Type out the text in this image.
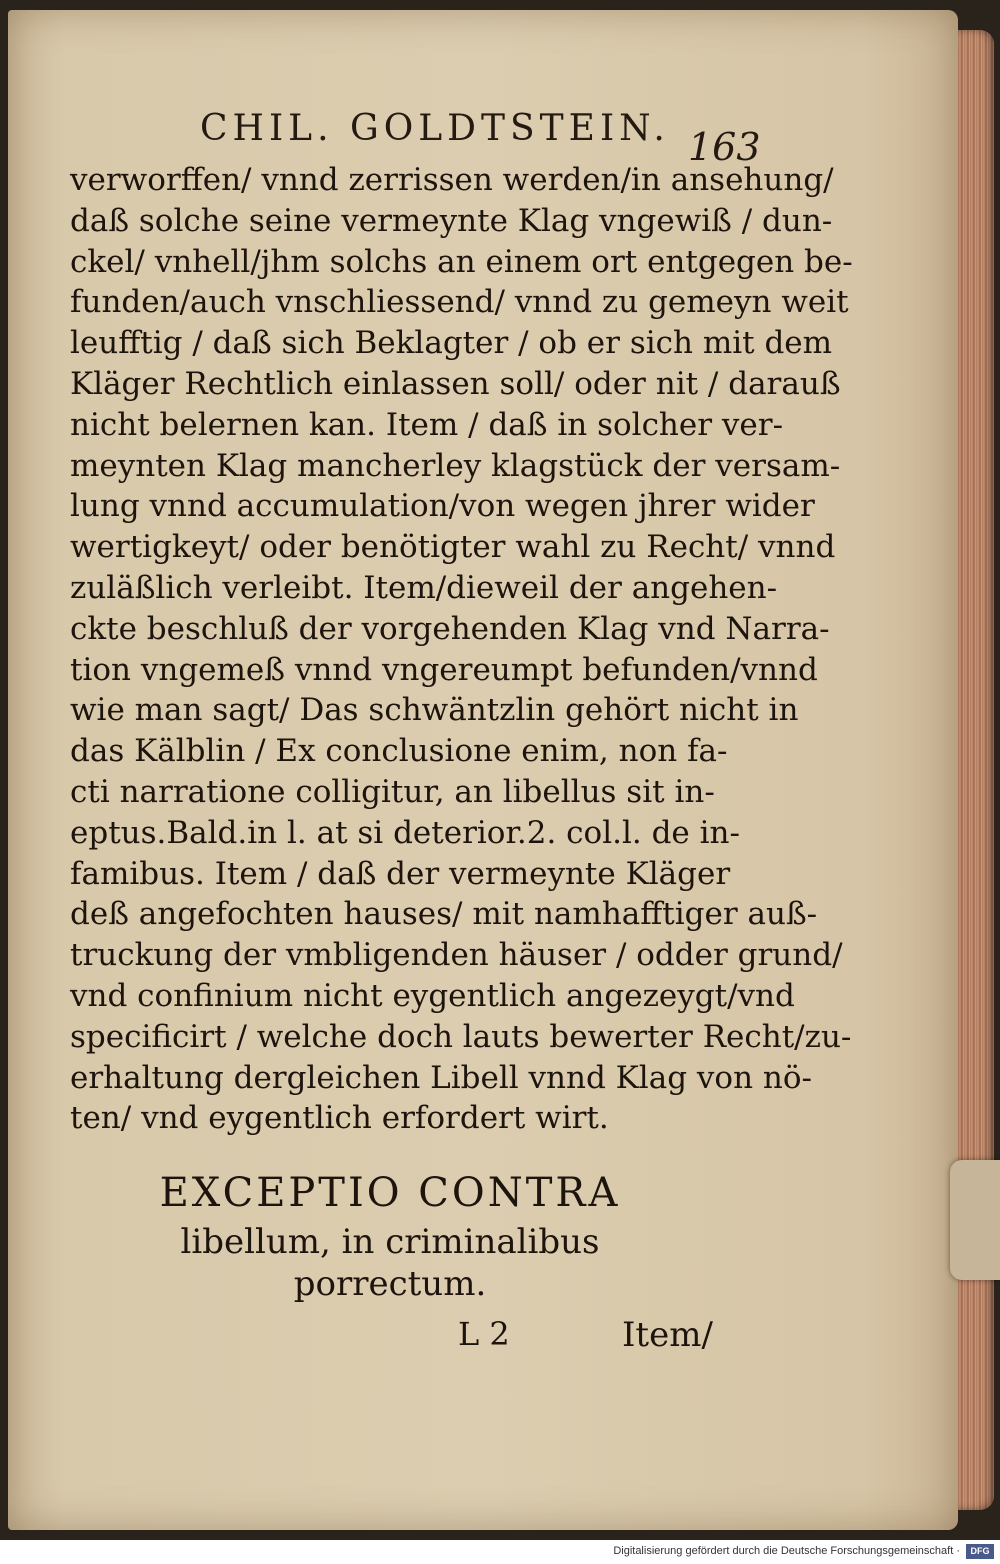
CHIL. GOLDTSTEIN. 163
verworffen/ vnnd zerrissen werden/in ansehung/
daß solche seine vermeynte Klag vngewiß / dun-
ckel/ vnhell/jhm solchs an einem ort entgegen be-
funden/auch vnschliessend/ vnnd zu gemeyn weit
leufftig / daß sich Beklagter / ob er sich mit dem
Kläger Rechtlich einlassen soll/ oder nit / darauß
nicht belernen kan. Item / daß in solcher ver-
meynten Klag mancherley klagstück der versam-
lung vnnd accumulation/von wegen jhrer wider
wertigkeyt/ oder benötigter wahl zu Recht/ vnnd
zuläßlich verleibt. Item/dieweil der angehen-
ckte beschluß der vorgehenden Klag vnd Narra-
tion vngemeß vnnd vngereumpt befunden/vnnd
wie man sagt/ Das schwäntzlin gehört nicht in
das Kälblin / Ex conclusione enim, non fa-
cti narratione colligitur, an libellus sit in-
eptus.Bald.in l. at si deterior.2. col.l. de in-
famibus. Item / daß der vermeynte Kläger
deß angefochten hauses/ mit namhafftiger auß-
truckung der vmbligenden häuser / odder grund/
vnd confinium nicht eygentlich angezeygt/vnd
specificirt / welche doch lauts bewerter Recht/zu-
erhaltung dergleichen Libell vnnd Klag von nö-
ten/ vnd eygentlich erfordert wirt.
EXCEPTIO CONTRA
libellum, in criminalibus
porrectum.
L 2	Item/
Digitalisierung gefördert durch die Deutsche Forschungsgemeinschaft ·	DFG
